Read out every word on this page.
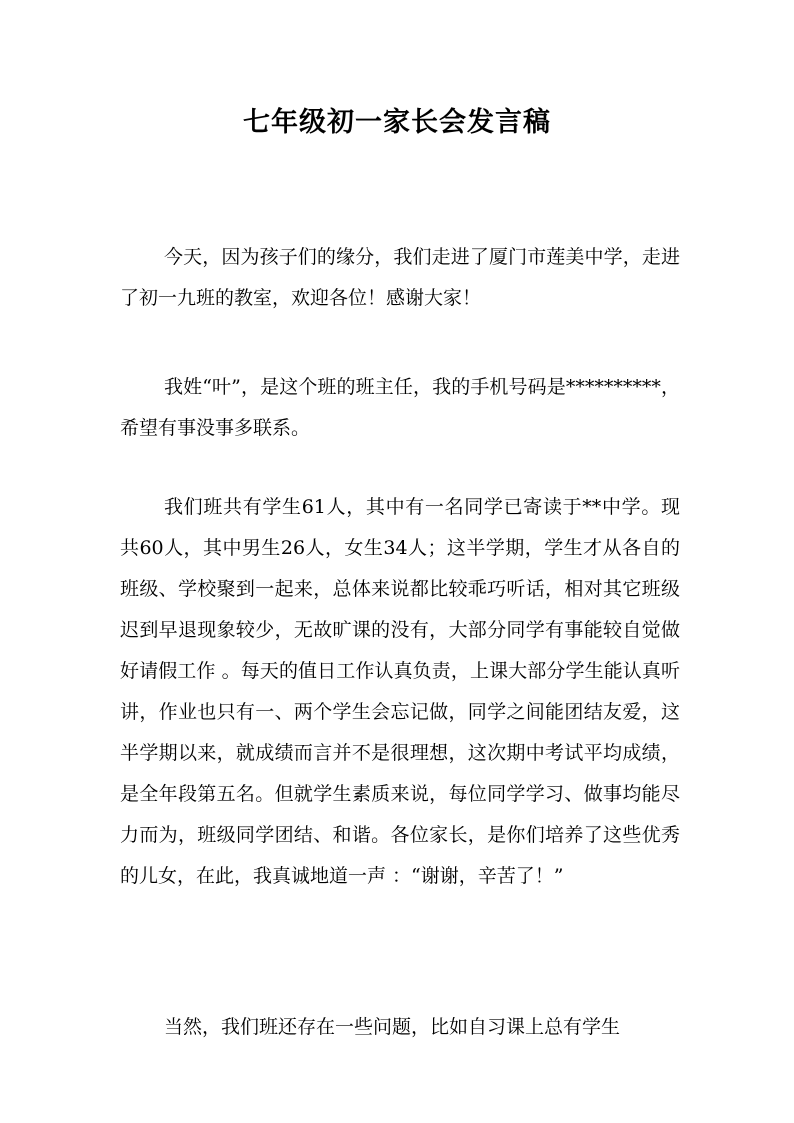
七年级初一家长会发言稿

今天，因为孩子们的缘分，我们走进了厦门市莲美中学，走进了初一九班的教室，欢迎各位！感谢大家！

我姓“叶”，是这个班的班主任，我的手机号码是**********，希望有事没事多联系。

我们班共有学生61人，其中有一名同学已寄读于**中学。现共60人，其中男生26人，女生34人；这半学期，学生才从各自的班级、学校聚到一起来，总体来说都比较乖巧听话，相对其它班级迟到早退现象较少，无故旷课的没有，大部分同学有事能较自觉做好请假工作 。每天的值日工作认真负责，上课大部分学生能认真听讲，作业也只有一、两个学生会忘记做，同学之间能团结友爱，这半学期以来，就成绩而言并不是很理想，这次期中考试平均成绩，是全年段第五名。但就学生素质来说，每位同学学习、做事均能尽力而为，班级同学团结、和谐。各位家长，是你们培养了这些优秀的儿女，在此，我真诚地道一声 ：“谢谢，辛苦了！”

当然，我们班还存在一些问题，比如自习课上总有学生
